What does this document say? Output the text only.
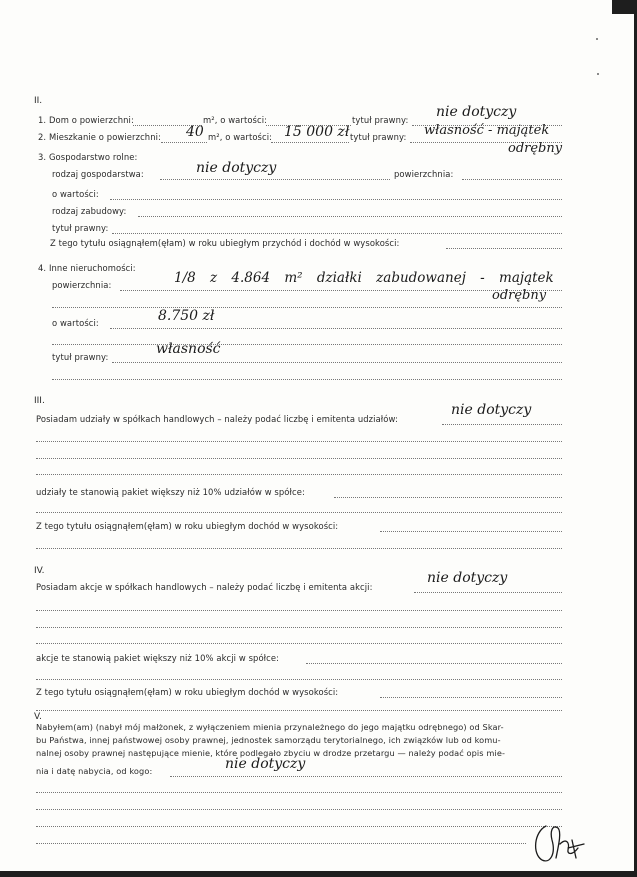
II.
1. Dom o powierzchni:	m², o wartości:	tytuł prawny: nie dotyczy
2. Mieszkanie o powierzchni: 40 m², o wartości: 15 000 zł tytuł prawny: własność - majątek
odrębny
3. Gospodarstwo rolne:
rodzaj gospodarstwa:	nie dotyczy	powierzchnia:
o wartości:
rodzaj zabudowy:
tytuł prawny:
Z tego tytułu osiągnąłem(ęłam) w roku ubiegłym przychód i dochód w wysokości:
4. Inne nieruchomości:
powierzchnia:	1/8 z 4.864 m² działki zabudowanej - majątek
odrębny
o wartości:	8.750 zł
tytuł prawny:	własność
III.
Posiadam udziały w spółkach handlowych – należy podać liczbę i emitenta udziałów:
nie dotyczy
udziały te stanowią pakiet większy niż 10% udziałów w spółce:
Z tego tytułu osiągnąłem(ęłam) w roku ubiegłym dochód w wysokości:
IV.
Posiadam akcje w spółkach handlowych – należy podać liczbę i emitenta akcji:
nie dotyczy
akcje te stanowią pakiet większy niż 10% akcji w spółce:
Z tego tytułu osiągnąłem(ęłam) w roku ubiegłym dochód w wysokości:
V.
Nabyłem(am) (nabył mój małżonek, z wyłączeniem mienia przynależnego do jego majątku odrębnego) od Skar-
bu Państwa, innej państwowej osoby prawnej, jednostek samorządu terytorialnego, ich związków lub od komu-
nalnej osoby prawnej następujące mienie, które podlegało zbyciu w drodze przetargu — należy podać opis mie-
nia i datę nabycia, od kogo:	nie dotyczy
